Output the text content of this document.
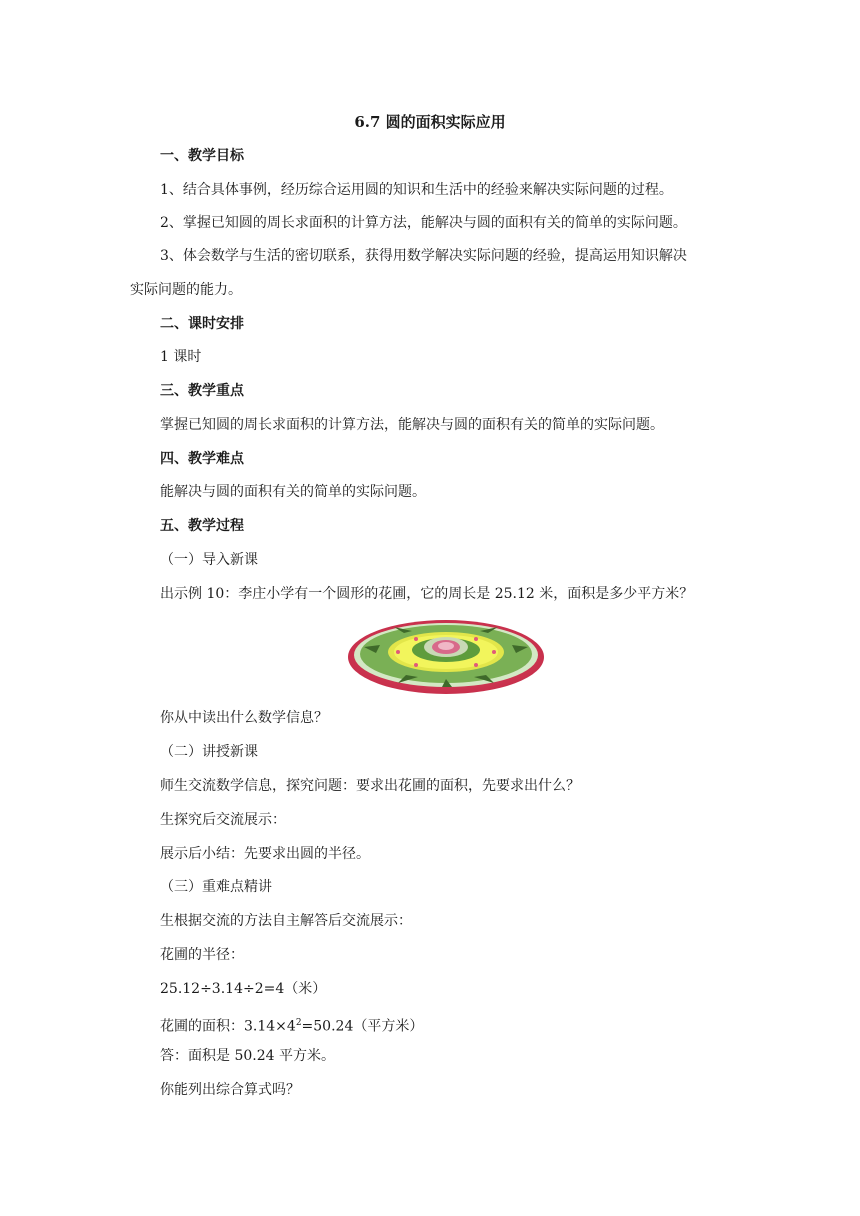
6.7 圆的面积实际应用
一、教学目标
1、结合具体事例，经历综合运用圆的知识和生活中的经验来解决实际问题的过程。
2、掌握已知圆的周长求面积的计算方法，能解决与圆的面积有关的简单的实际问题。
3、体会数学与生活的密切联系，获得用数学解决实际问题的经验，提高运用知识解决
实际问题的能力。
二、课时安排
1 课时
三、教学重点
掌握已知圆的周长求面积的计算方法，能解决与圆的面积有关的简单的实际问题。
四、教学难点
能解决与圆的面积有关的简单的实际问题。
五、教学过程
（一）导入新课
出示例 10：李庄小学有一个圆形的花圃，它的周长是 25.12 米，面积是多少平方米？
你从中读出什么数学信息？
（二）讲授新课
师生交流数学信息，探究问题：要求出花圃的面积，先要求出什么？
生探究后交流展示：
展示后小结：先要求出圆的半径。
（三）重难点精讲
生根据交流的方法自主解答后交流展示：
花圃的半径：
25.12÷3.14÷2=4（米）
花圃的面积：$3.14\times 4^2=50.24$（平方米）
答：面积是 50.24 平方米。
你能列出综合算式吗？
